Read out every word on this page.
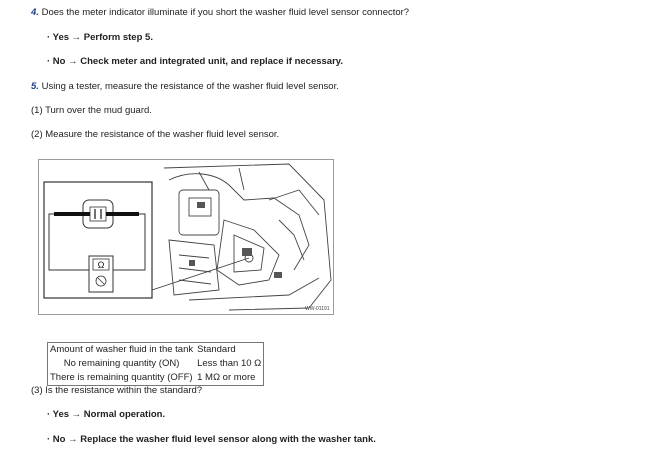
4. Does the meter indicator illuminate if you short the washer fluid level sensor connector?
· Yes → Perform step 5.
· No → Check meter and integrated unit, and replace if necessary.
5. Using a tester, measure the resistance of the washer fluid level sensor.
(1) Turn over the mud guard.
(2) Measure the resistance of the washer fluid level sensor.
Ω
WW-01191
Amount of washer fluid in the tank	Standard
No remaining quantity (ON)	Less than 10 Ω
There is remaining quantity (OFF)	1 MΩ or more
(3) Is the resistance within the standard?
· Yes → Normal operation.
· No → Replace the washer fluid level sensor along with the washer tank.
